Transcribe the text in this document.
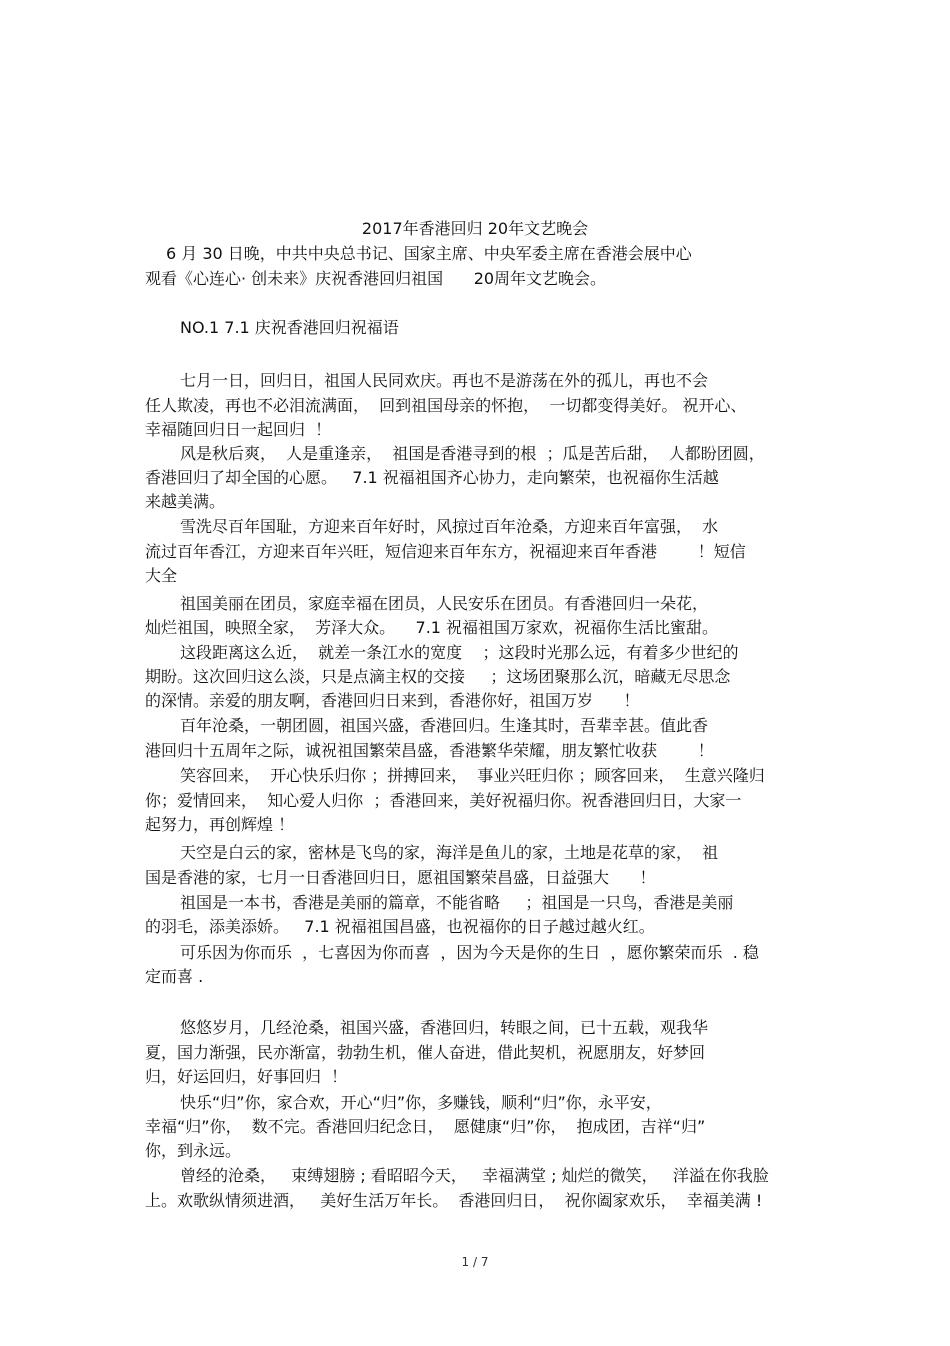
2017年香港回归 20年文艺晚会
6 月 30 日晚，中共中央总书记、国家主席、中央军委主席在香港会展中心
观看《心连心· 创未来》庆祝香港回归祖国      20周年文艺晚会。
NO.1 7.1 庆祝香港回归祝福语
七月一日，回归日，祖国人民同欢庆。再也不是游荡在外的孤儿，再也不会
任人欺凌，再也不必泪流满面，  回到祖国母亲的怀抱，  一切都变得美好。 祝开心、
幸福随回归日一起回归  ！
风是秋后爽，  人是重逢亲，  祖国是香港寻到的根  ；瓜是苦后甜，  人都盼团圆，
香港回归了却全国的心愿。   7.1 祝福祖国齐心协力，走向繁荣，也祝福你生活越
来越美满。
雪洗尽百年国耻，方迎来百年好时，风掠过百年沧桑，方迎来百年富强，  水
流过百年香江，方迎来百年兴旺，短信迎来百年东方，祝福迎来百年香港        ！短信
大全
祖国美丽在团员，家庭幸福在团员，人民安乐在团员。有香港回归一朵花，
灿烂祖国，映照全家，  芳泽大众。    7.1 祝福祖国万家欢，祝福你生活比蜜甜。
这段距离这么近，  就差一条江水的宽度    ；这段时光那么远，有着多少世纪的
期盼。这次回归这么淡，只是点滴主权的交接     ；这场团聚那么沉，暗藏无尽思念
的深情。亲爱的朋友啊，香港回归日来到，香港你好，祖国万岁      ！
百年沧桑，一朝团圆，祖国兴盛，香港回归。生逢其时，吾辈幸甚。值此香
港回归十五周年之际，诚祝祖国繁荣昌盛，香港繁华荣耀，朋友繁忙收获        ！
笑容回来，  开心快乐归你 ；拼搏回来，  事业兴旺归你 ；顾客回来，  生意兴隆归
你；爱情回来，  知心爱人归你  ；香港回来，美好祝福归你。祝香港回归日，大家一
起努力，再创辉煌 ！
天空是白云的家，密林是飞鸟的家，海洋是鱼儿的家，土地是花草的家，  祖
国是香港的家，七月一日香港回归日，愿祖国繁荣昌盛，日益强大      ！
祖国是一本书，香港是美丽的篇章，不能省略     ；祖国是一只鸟，香港是美丽
的羽毛，添美添娇。   7.1 祝福祖国昌盛，也祝福你的日子越过越火红。
可乐因为你而乐  ，七喜因为你而喜  ，因为今天是你的生日  ，愿你繁荣而乐  . 稳
定而喜 .
悠悠岁月，几经沧桑，祖国兴盛，香港回归，转眼之间，已十五载，观我华
夏，国力渐强，民亦渐富，勃勃生机，催人奋进，借此契机，祝愿朋友，好梦回
归，好运回归，好事回归  ！
快乐“归”你，家合欢，开心“归”你，多赚钱，顺利“归”你，永平安，
幸福“归”你，  数不完。香港回归纪念日，  愿健康“归”你，  抱成团，吉祥“归”
你，到永远。
曾经的沧桑，   束缚翅膀 ; 看昭昭今天，   幸福满堂 ; 灿烂的微笑，   洋溢在你我脸
上。欢歌纵情须进酒，   美好生活万年长。  香港回归日，  祝你阖家欢乐，  幸福美满 !
1 / 7
